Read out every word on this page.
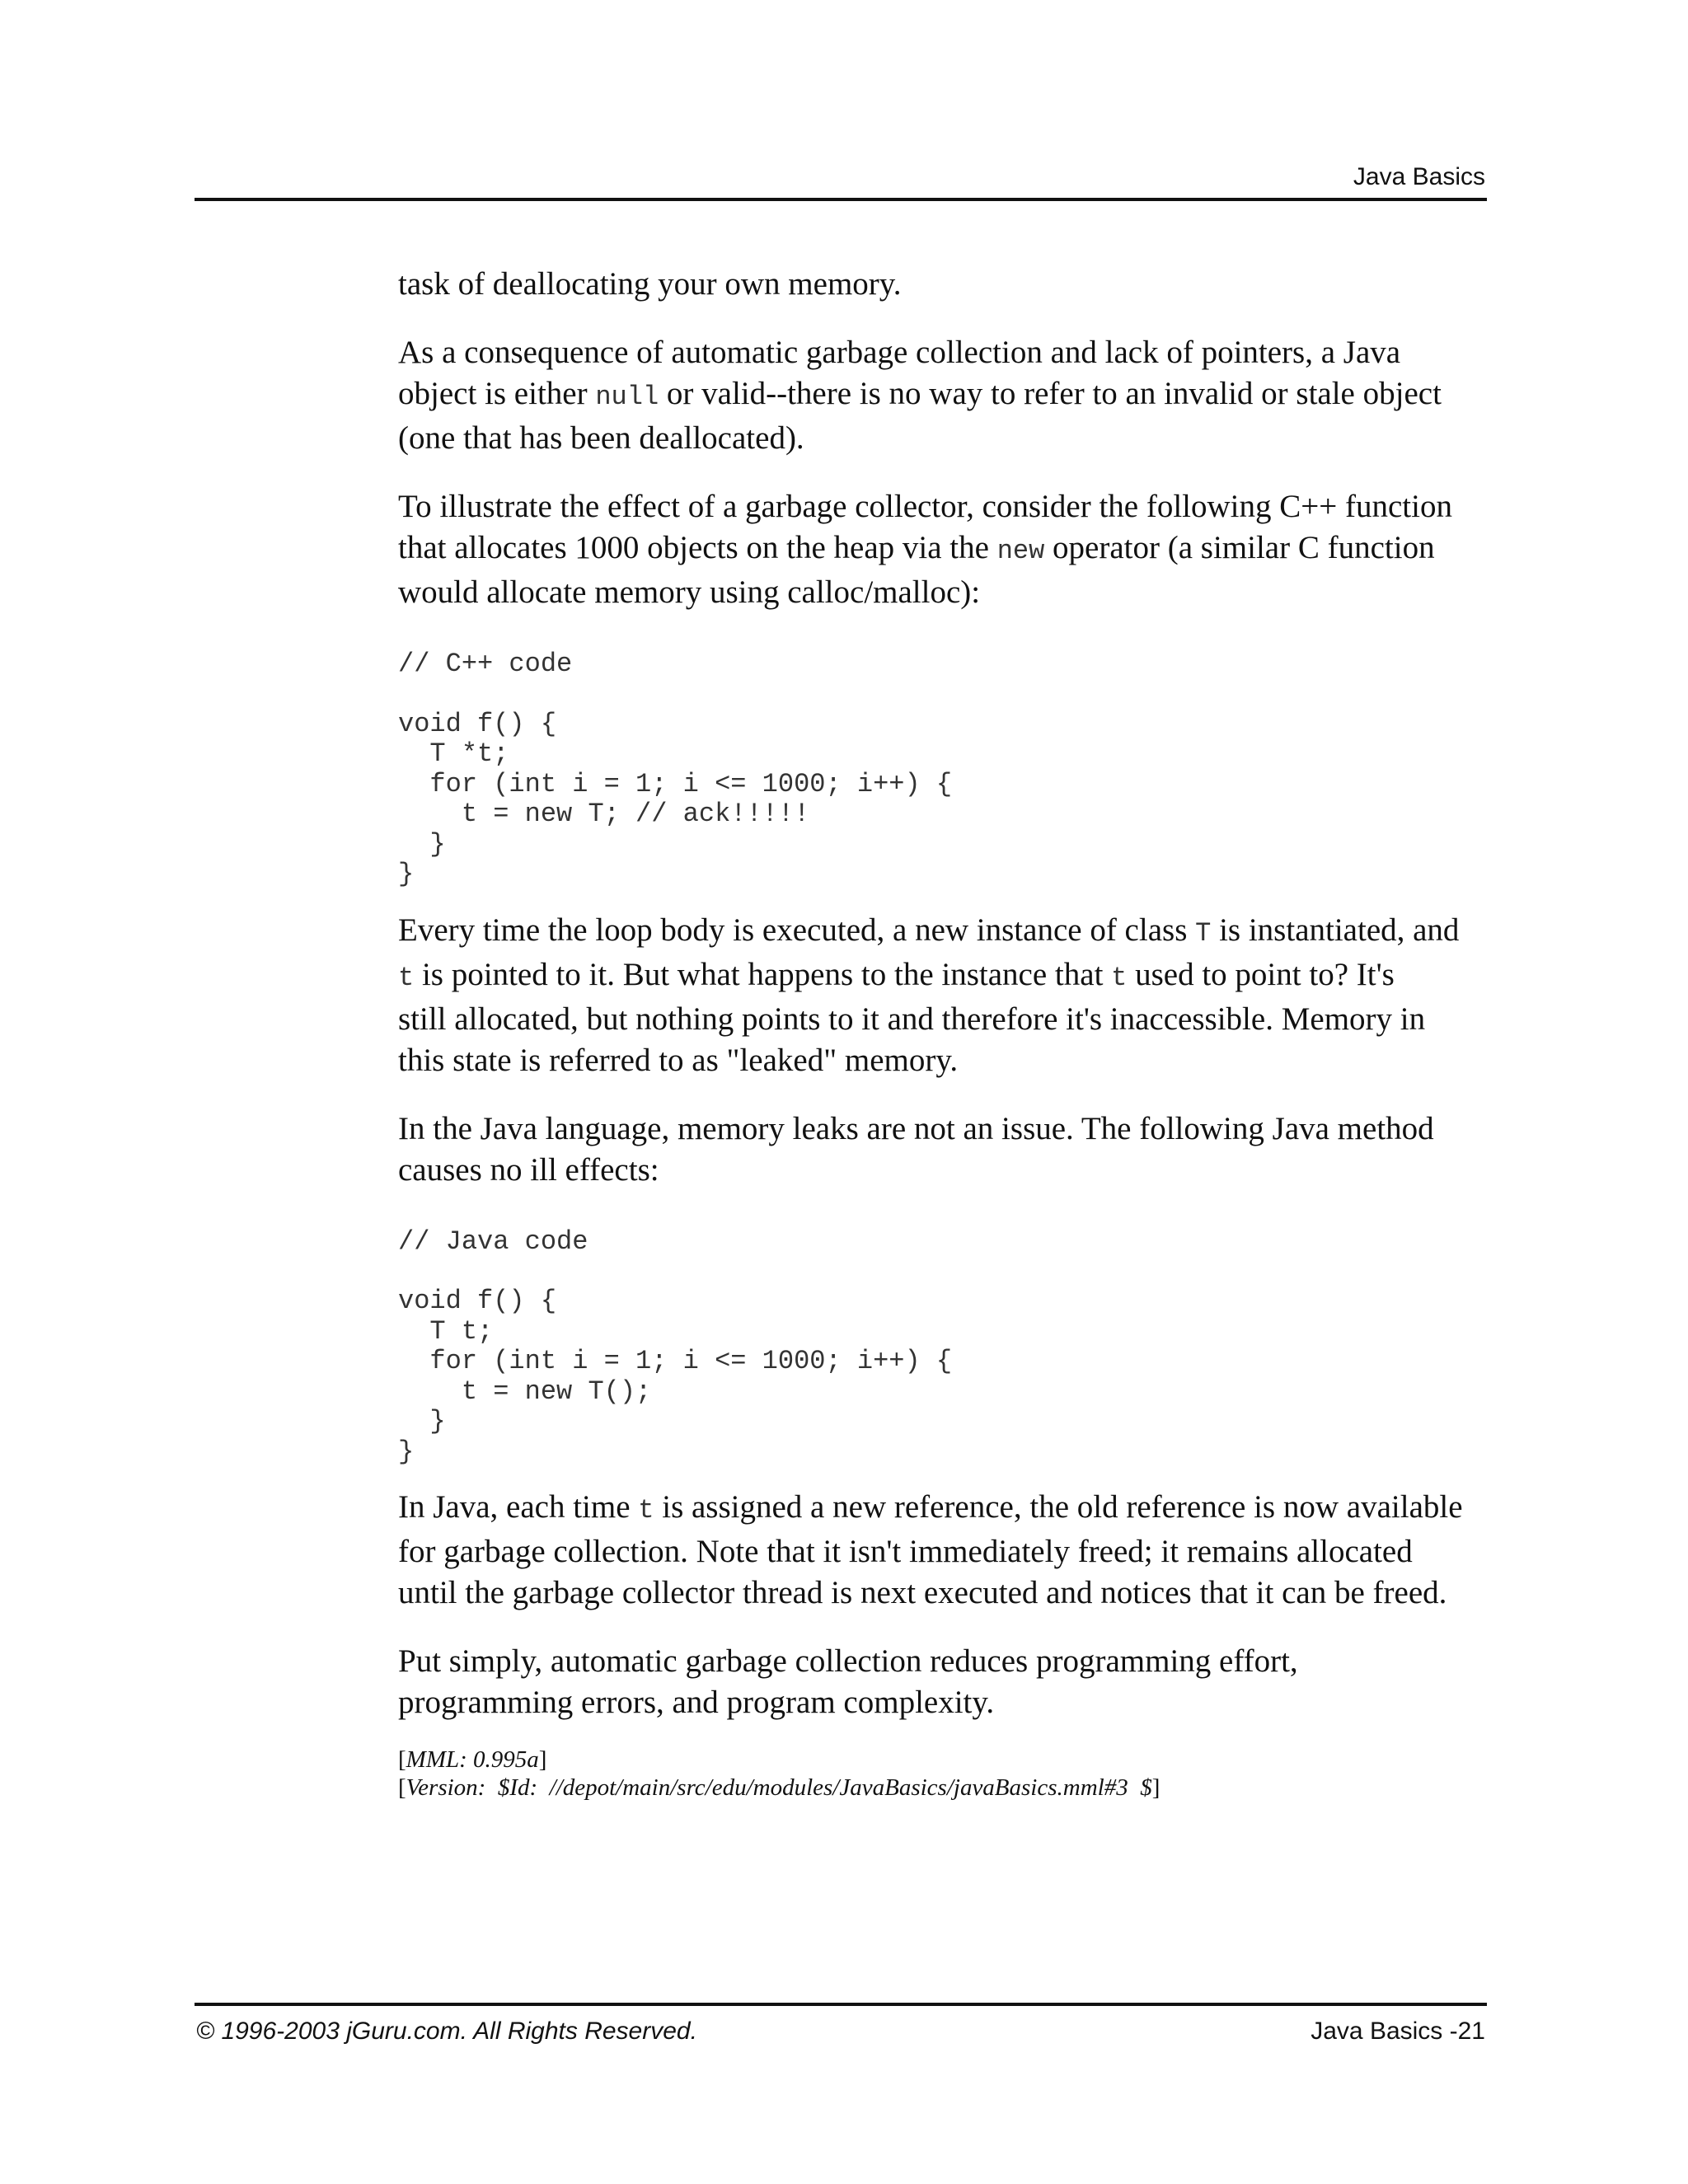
Java Basics

task of deallocating your own memory.

As a consequence of automatic garbage collection and lack of pointers, a Java
object is either null or valid--there is no way to refer to an invalid or stale object
(one that has been deallocated).

To illustrate the effect of a garbage collector, consider the following C++ function
that allocates 1000 objects on the heap via the new operator (a similar C function
would allocate memory using calloc/malloc):

// C++ code
void f() {
T *t;
for (int i = 1; i <= 1000; i++) {
t = new T; // ack!!!!!
}
}

Every time the loop body is executed, a new instance of class T is instantiated, and
t is pointed to it. But what happens to the instance that t used to point to? It's
still allocated, but nothing points to it and therefore it's inaccessible. Memory in
this state is referred to as "leaked" memory.

In the Java language, memory leaks are not an issue. The following Java method
causes no ill effects:

// Java code
void f() {
T t;
for (int i = 1; i <= 1000; i++) {
t = new T();
}
}

In Java, each time t is assigned a new reference, the old reference is now available
for garbage collection. Note that it isn't immediately freed; it remains allocated
until the garbage collector thread is next executed and notices that it can be freed.

Put simply, automatic garbage collection reduces programming effort,
programming errors, and program complexity.

[MML: 0.995a]
[Version:  $Id:  //depot/main/src/edu/modules/JavaBasics/javaBasics.mml#3  $]
© 1996-2003 jGuru.com. All Rights Reserved.	Java Basics -21
